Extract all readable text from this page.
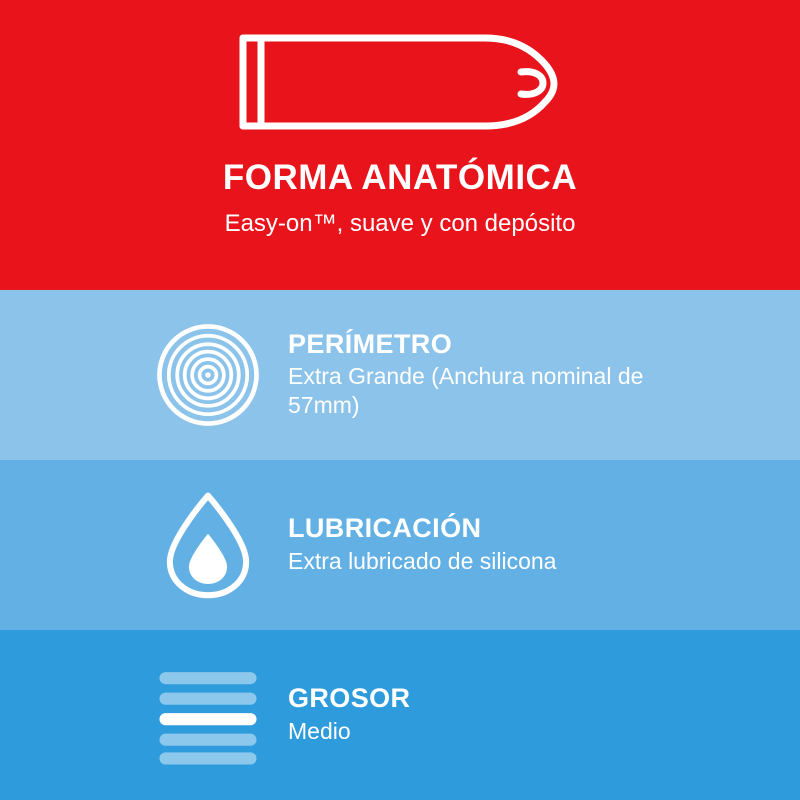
FORMA ANATÓMICA
Easy-on™, suave y con depósito
PERÍMETRO
Extra Grande (Anchura nominal de 57mm)
LUBRICACIÓN
Extra lubricado de silicona
GROSOR
Medio
